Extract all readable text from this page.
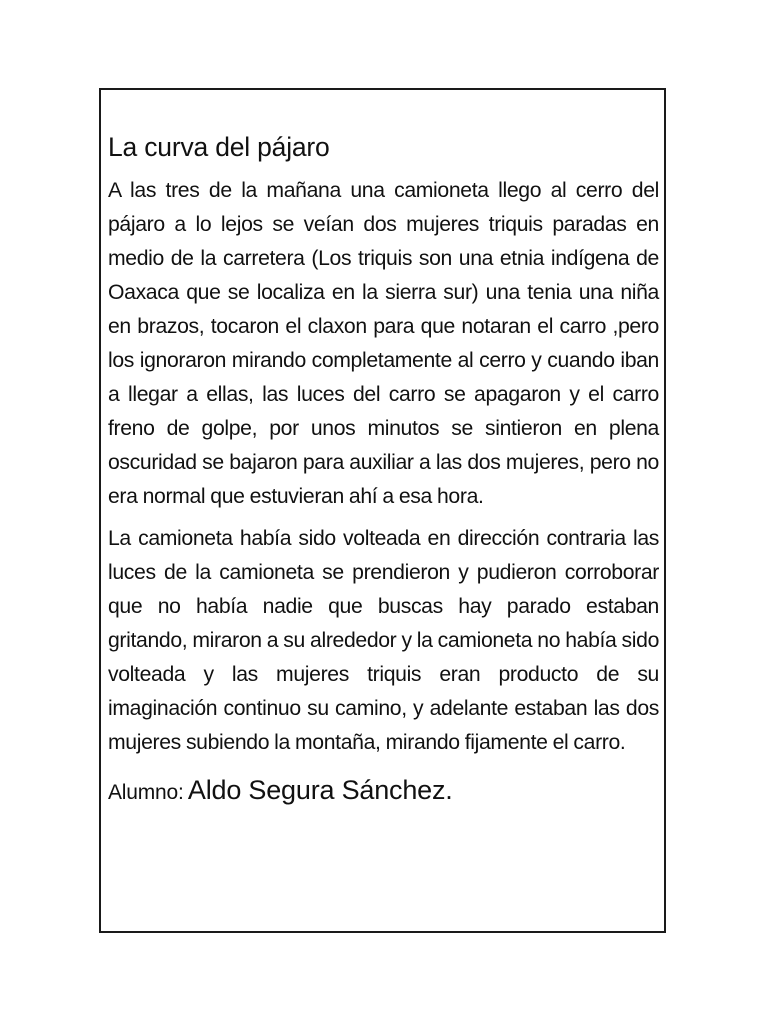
La curva del pájaro

A las tres de la mañana una camioneta llego al cerro del pájaro a lo lejos se veían dos mujeres triquis paradas en medio de la carretera (Los triquis son una etnia indígena de Oaxaca que se localiza en la sierra sur) una tenia una niña en brazos, tocaron el claxon para que notaran el carro ,pero los ignoraron mirando completamente al cerro y cuando iban a llegar a ellas, las luces del carro se apagaron y el carro freno de golpe, por unos minutos se sintieron en plena oscuridad se bajaron para auxiliar a las dos mujeres, pero no era normal que estuvieran ahí a esa hora.

La camioneta había sido volteada en dirección contraria las luces de la camioneta se prendieron y pudieron corroborar que no había nadie que buscas hay parado estaban gritando, miraron a su alrededor y la camioneta no había sido volteada y las mujeres triquis eran producto de su imaginación continuo su camino, y adelante estaban las dos mujeres subiendo la montaña, mirando fijamente el carro.

Alumno: Aldo Segura Sánchez.
